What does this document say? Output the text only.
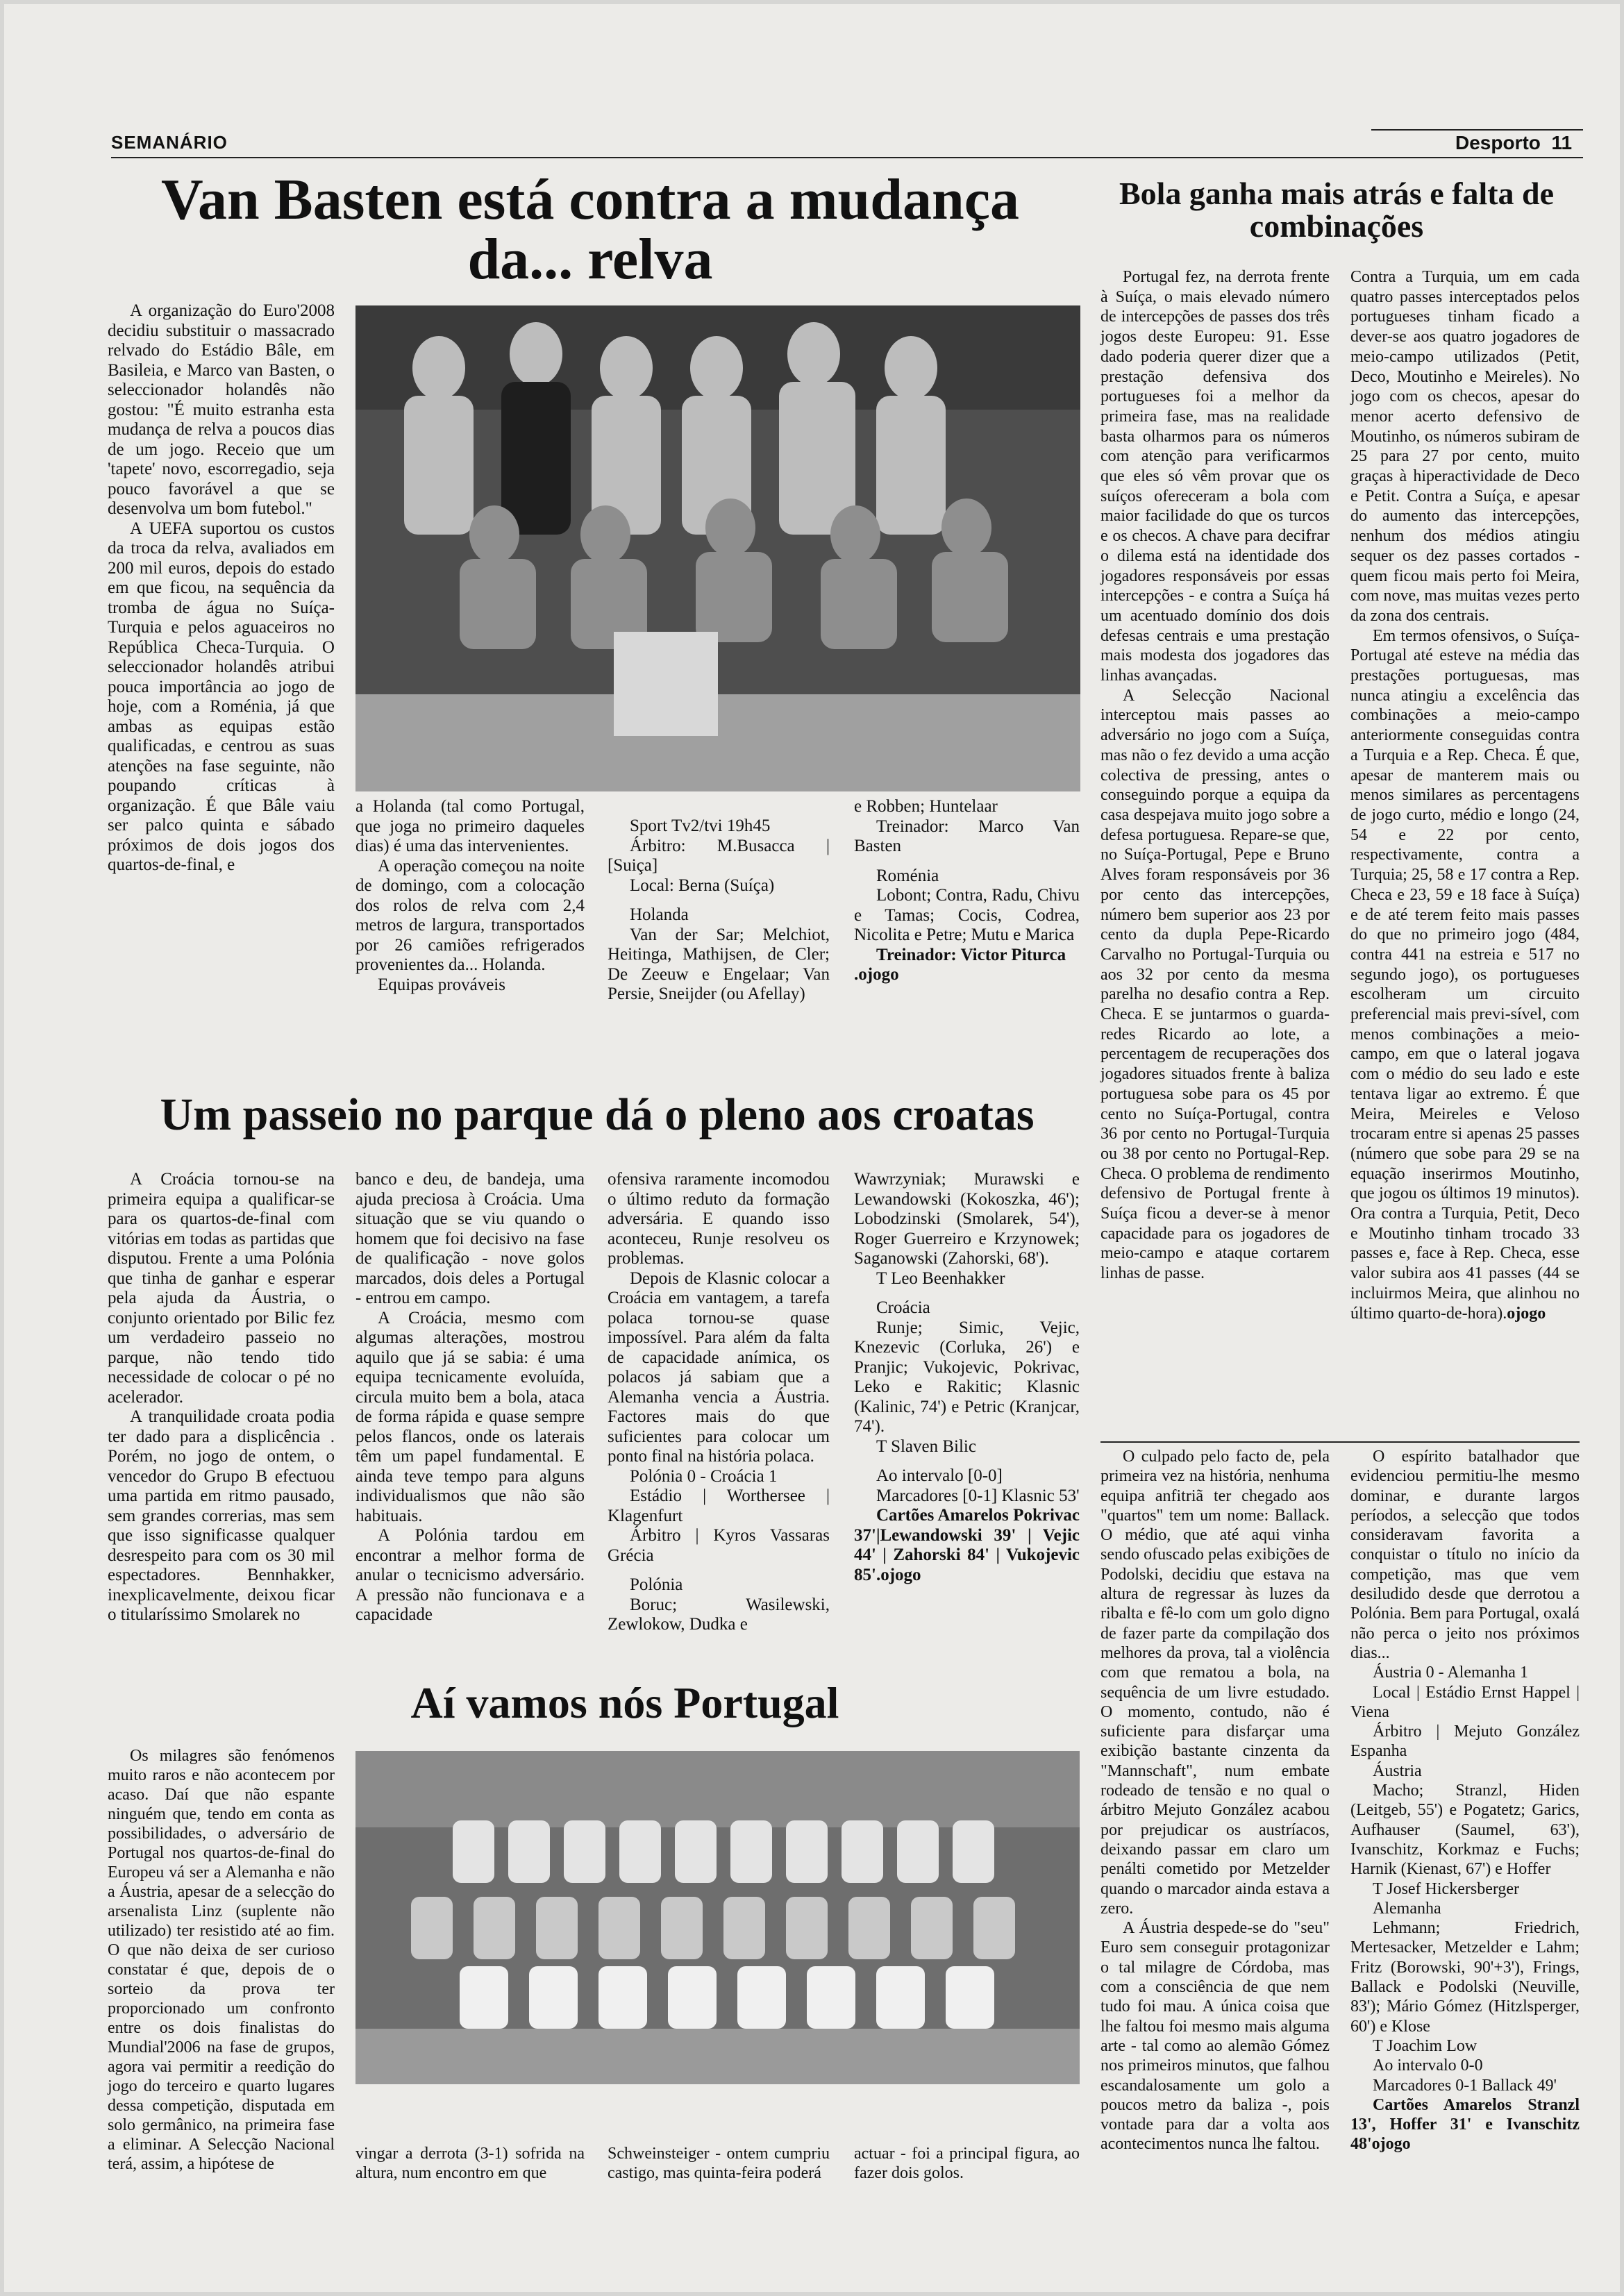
SEMANÁRIO	Desporto 11
Van Basten está contra a mudança da... relva

A organização do Euro'2008 decidiu substituir o massacrado relvado do Estádio Bâle, em Basileia, e Marco van Basten, o seleccionador holandês não gostou: "É muito estranha esta mudança de relva a poucos dias de um jogo. Receio que um 'tapete' novo, escorregadio, seja pouco favorável a que se desenvolva um bom futebol."

A UEFA suportou os custos da troca da relva, avaliados em 200 mil euros, depois do estado em que ficou, na sequência da tromba de água no Suíça-Turquia e pelos aguaceiros no República Checa-Turquia. O seleccionador holandês atribui pouca importância ao jogo de hoje, com a Roménia, já que ambas as equipas estão qualificadas, e centrou as suas atenções na fase seguinte, não poupando críticas à organização. É que Bâle vaiu ser palco quinta e sábado próximos de dois jogos dos quartos-de-final, e

a Holanda (tal como Portugal, que joga no primeiro daqueles dias) é uma das intervenientes.

A operação começou na noite de domingo, com a colocação dos rolos de relva com 2,4 metros de largura, transportados por 26 camiões refrigerados provenientes da... Holanda.

Equipas prováveis

Sport Tv2/tvi 19h45

Árbitro: M.Busacca | [Suiça]

Local: Berna (Suíça)

Holanda

Van der Sar; Melchiot, Heitinga, Mathijsen, de Cler; De Zeeuw e Engelaar; Van Persie, Sneijder (ou Afellay)

e Robben; Huntelaar

Treinador: Marco Van Basten

Roménia

Lobont; Contra, Radu, Chivu e Tamas; Cocis, Codrea, Nicolita e Petre; Mutu e Marica

Treinador: Victor Piturca

.ojogo

Bola ganha mais atrás e falta de combinações

Portugal fez, na derrota frente à Suíça, o mais elevado número de intercepções de passes dos três jogos deste Europeu: 91. Esse dado poderia querer dizer que a prestação defensiva dos portugueses foi a melhor da primeira fase, mas na realidade basta olharmos para os números com atenção para verificarmos que eles só vêm provar que os suíços ofereceram a bola com maior facilidade do que os turcos e os checos. A chave para decifrar o dilema está na identidade dos jogadores responsáveis por essas intercepções - e contra a Suíça há um acentuado domínio dos dois defesas centrais e uma prestação mais modesta dos jogadores das linhas avançadas.

A Selecção Nacional interceptou mais passes ao adversário no jogo com a Suíça, mas não o fez devido a uma acção colectiva de pressing, antes o conseguindo porque a equipa da casa despejava muito jogo sobre a defesa portuguesa. Repare-se que, no Suíça-Portugal, Pepe e Bruno Alves foram responsáveis por 36 por cento das intercepções, número bem superior aos 23 por cento da dupla Pepe-Ricardo Carvalho no Portugal-Turquia ou aos 32 por cento da mesma parelha no desafio contra a Rep. Checa. E se juntarmos o guarda-redes Ricardo ao lote, a percentagem de recuperações dos jogadores situados frente à baliza portuguesa sobe para os 45 por cento no Suíça-Portugal, contra 36 por cento no Portugal-Turquia ou 38 por cento no Portugal-Rep. Checa. O problema de rendimento defensivo de Portugal frente à Suíça ficou a dever-se à menor capacidade para os jogadores de meio-campo e ataque cortarem linhas de passe.

Contra a Turquia, um em cada quatro passes interceptados pelos portugueses tinham ficado a dever-se aos quatro jogadores de meio-campo utilizados (Petit, Deco, Moutinho e Meireles). No jogo com os checos, apesar do menor acerto defensivo de Moutinho, os números subiram de 25 para 27 por cento, muito graças à hiperactividade de Deco e Petit. Contra a Suíça, e apesar do aumento das intercepções, nenhum dos médios atingiu sequer os dez passes cortados - quem ficou mais perto foi Meira, com nove, mas muitas vezes perto da zona dos centrais.

Em termos ofensivos, o Suíça-Portugal até esteve na média das prestações portuguesas, mas nunca atingiu a excelência das combinações a meio-campo anteriormente conseguidas contra a Turquia e a Rep. Checa. É que, apesar de manterem mais ou menos similares as percentagens de jogo curto, médio e longo (24, 54 e 22 por cento, respectivamente, contra a Turquia; 25, 58 e 17 contra a Rep. Checa e 23, 59 e 18 face à Suíça) e de até terem feito mais passes do que no primeiro jogo (484, contra 441 na estreia e 517 no segundo jogo), os portugueses escolheram um circuito preferencial mais previ-sível, com menos combinações a meio-campo, em que o lateral jogava com o médio do seu lado e este tentava ligar ao extremo. É que Meira, Meireles e Veloso trocaram entre si apenas 25 passes (número que sobe para 29 se na equação inserirmos Moutinho, que jogou os últimos 19 minutos). Ora contra a Turquia, Petit, Deco e Moutinho tinham trocado 33 passes e, face à Rep. Checa, esse valor subira aos 41 passes (44 se incluirmos Meira, que alinhou no último quarto-de-hora).ojogo

Um passeio no parque dá o pleno aos croatas

A Croácia tornou-se na primeira equipa a qualificar-se para os quartos-de-final com vitórias em todas as partidas que disputou. Frente a uma Polónia que tinha de ganhar e esperar pela ajuda da Áustria, o conjunto orientado por Bilic fez um verdadeiro passeio no parque, não tendo tido necessidade de colocar o pé no acelerador.

A tranquilidade croata podia ter dado para a displicência . Porém, no jogo de ontem, o vencedor do Grupo B efectuou uma partida em ritmo pausado, sem grandes correrias, mas sem que isso significasse qualquer desrespeito para com os 30 mil espectadores. Bennhakker, inexplicavelmente, deixou ficar o titularíssimo Smolarek no

banco e deu, de bandeja, uma ajuda preciosa à Croácia. Uma situação que se viu quando o homem que foi decisivo na fase de qualificação - nove golos marcados, dois deles a Portugal - entrou em campo.

A Croácia, mesmo com algumas alterações, mostrou aquilo que já se sabia: é uma equipa tecnicamente evoluída, circula muito bem a bola, ataca de forma rápida e quase sempre pelos flancos, onde os laterais têm um papel fundamental. E ainda teve tempo para alguns individualismos que não são habituais.

A Polónia tardou em encontrar a melhor forma de anular o tecnicismo adversário. A pressão não funcionava e a capacidade

ofensiva raramente incomodou o último reduto da formação adversária. E quando isso aconteceu, Runje resolveu os problemas.

Depois de Klasnic colocar a Croácia em vantagem, a tarefa polaca tornou-se quase impossível. Para além da falta de capacidade anímica, os polacos já sabiam que a Alemanha vencia a Áustria. Factores mais do que suficientes para colocar um ponto final na história polaca.

Polónia 0 - Croácia 1

Estádio | Worthersee | Klagenfurt

Árbitro | Kyros Vassaras Grécia

Polónia

Boruc; Wasilewski, Zewlokow, Dudka e

Wawrzyniak; Murawski e Lewandowski (Kokoszka, 46'); Lobodzinski (Smolarek, 54'), Roger Guerreiro e Krzynowek; Saganowski (Zahorski, 68').

T Leo Beenhakker

Croácia

Runje; Simic, Vejic, Knezevic (Corluka, 26') e Pranjic; Vukojevic, Pokrivac, Leko e Rakitic; Klasnic (Kalinic, 74') e Petric (Kranjcar, 74').

T Slaven Bilic

Ao intervalo [0-0]

Marcadores [0-1] Klasnic 53'

Cartões Amarelos Pokrivac 37'|Lewandowski 39' | Vejic 44' | Zahorski 84' | Vukojevic 85'.ojogo

Aí vamos nós Portugal

Os milagres são fenómenos muito raros e não acontecem por acaso. Daí que não espante ninguém que, tendo em conta as possibilidades, o adversário de Portugal nos quartos-de-final do Europeu vá ser a Alemanha e não a Áustria, apesar de a selecção do arsenalista Linz (suplente não utilizado) ter resistido até ao fim. O que não deixa de ser curioso constatar é que, depois de o sorteio da prova ter proporcionado um confronto entre os dois finalistas do Mundial'2006 na fase de grupos, agora vai permitir a reedição do jogo do terceiro e quarto lugares dessa competição, disputada em solo germânico, na primeira fase a eliminar. A Selecção Nacional terá, assim, a hipótese de

vingar a derrota (3-1) sofrida na altura, num encontro em que

Schweinsteiger - ontem cumpriu castigo, mas quinta-feira poderá

actuar - foi a principal figura, ao fazer dois golos.

O culpado pelo facto de, pela primeira vez na história, nenhuma equipa anfitriã ter chegado aos "quartos" tem um nome: Ballack. O médio, que até aqui vinha sendo ofuscado pelas exibições de Podolski, decidiu que estava na altura de regressar às luzes da ribalta e fê-lo com um golo digno de fazer parte da compilação dos melhores da prova, tal a violência com que rematou a bola, na sequência de um livre estudado. O momento, contudo, não é suficiente para disfarçar uma exibição bastante cinzenta da "Mannschaft", num embate rodeado de tensão e no qual o árbitro Mejuto González acabou por prejudicar os austríacos, deixando passar em claro um penálti cometido por Metzelder quando o marcador ainda estava a zero.

A Áustria despede-se do "seu" Euro sem conseguir protagonizar o tal milagre de Córdoba, mas com a consciência de que nem tudo foi mau. A única coisa que lhe faltou foi mesmo mais alguma arte - tal como ao alemão Gómez nos primeiros minutos, que falhou escandalosamente um golo a poucos metro da baliza -, pois vontade para dar a volta aos acontecimentos nunca lhe faltou.

O espírito batalhador que evidenciou permitiu-lhe mesmo dominar, e durante largos períodos, a selecção que todos consideravam favorita a conquistar o título no início da competição, mas que vem desiludido desde que derrotou a Polónia. Bem para Portugal, oxalá não perca o jeito nos próximos dias...

Áustria 0 - Alemanha 1

Local | Estádio Ernst Happel | Viena

Árbitro | Mejuto González Espanha

Áustria

Macho; Stranzl, Hiden (Leitgeb, 55') e Pogatetz; Garics, Aufhauser (Saumel, 63'), Ivanschitz, Korkmaz e Fuchs; Harnik (Kienast, 67') e Hoffer

T Josef Hickersberger

Alemanha

Lehmann; Friedrich, Mertesacker, Metzelder e Lahm; Fritz (Borowski, 90'+3'), Frings, Ballack e Podolski (Neuville, 83'); Mário Gómez (Hitzlsperger, 60') e Klose

T Joachim Low

Ao intervalo 0-0

Marcadores 0-1 Ballack 49'

Cartões Amarelos Stranzl 13', Hoffer 31' e Ivanschitz 48'ojogo
